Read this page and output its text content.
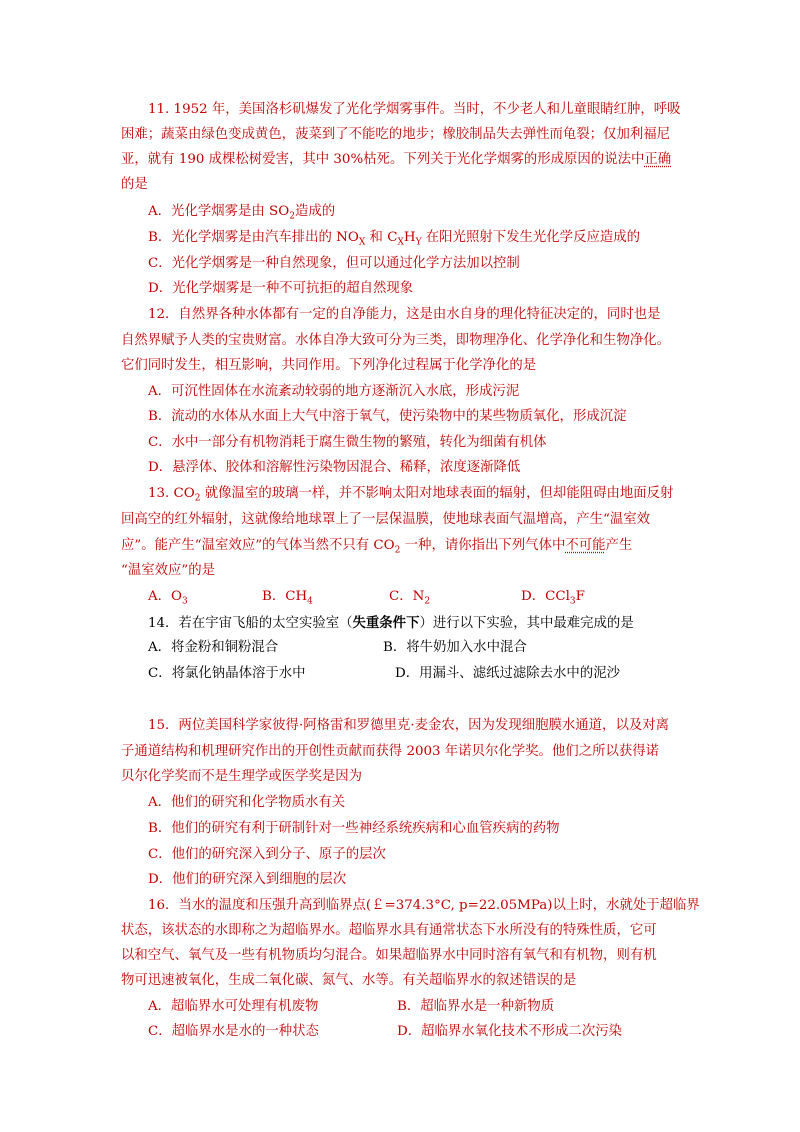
11. 1952 年，美国洛杉矶爆发了光化学烟雾事件。当时，不少老人和儿童眼睛红肿，呼吸
困难；蔬菜由绿色变成黄色，菠菜到了不能吃的地步；橡胶制品失去弹性而龟裂；仅加利福尼
亚，就有 190 成棵松树爱害，其中 30%枯死。下列关于光化学烟雾的形成原因的说法中正确
的是
A．光化学烟雾是由 $SO_2$造成的
B．光化学烟雾是由汽车排出的 $NO_X$ 和 $C_XH_Y$ 在阳光照射下发生光化学反应造成的
C．光化学烟雾是一种自然现象，但可以通过化学方法加以控制
D．光化学烟雾是一种不可抗拒的超自然现象
12．自然界各种水体都有一定的自净能力，这是由水自身的理化特征决定的，同时也是
自然界赋予人类的宝贵财富。水体自净大致可分为三类，即物理净化、化学净化和生物净化。
它们同时发生，相互影响，共同作用。下列净化过程属于化学净化的是
A．可沉性固体在水流紊动较弱的地方逐渐沉入水底，形成污泥
B．流动的水体从水面上大气中溶于氧气，使污染物中的某些物质氧化，形成沉淀
C．水中一部分有机物消耗于腐生微生物的繁殖，转化为细菌有机体
D．悬浮体、胶体和溶解性污染物因混合、稀释，浓度逐渐降低
13. $CO_2$ 就像温室的玻璃一样，并不影响太阳对地球表面的辐射，但却能阻碍由地面反射
回高空的红外辐射，这就像给地球罩上了一层保温膜，使地球表面气温增高，产生“温室效
应”。能产生“温室效应”的气体当然不只有 $CO_2$ 一种，请你指出下列气体中不可能产生
“温室效应”的是
A．$O_3$	B．$CH_4$	C．$N_2$	D．CCl$_3$F
14．若在宇宙飞船的太空实验室（失重条件下）进行以下实验，其中最难完成的是
A．将金粉和铜粉混合	B．将牛奶加入水中混合
C．将氯化钠晶体溶于水中	D．用漏斗、滤纸过滤除去水中的泥沙
15．两位美国科学家彼得·阿格雷和罗德里克·麦金农，因为发现细胞膜水通道，以及对离
子通道结构和机理研究作出的开创性贡献而获得 2003 年诺贝尔化学奖。他们之所以获得诺
贝尔化学奖而不是生理学或医学奖是因为
A．他们的研究和化学物质水有关
B．他们的研究有利于研制针对一些神经系统疾病和心血管疾病的药物
C．他们的研究深入到分子、原子的层次
D．他们的研究深入到细胞的层次
16．当水的温度和压强升高到临界点(￡=374.3°C, p=22.05MPa)以上时，水就处于超临界
状态，该状态的水即称之为超临界水。超临界水具有通常状态下水所没有的特殊性质，它可
以和空气、氧气及一些有机物质均匀混合。如果超临界水中同时溶有氧气和有机物，则有机
物可迅速被氧化，生成二氧化碳、氮气、水等。有关超临界水的叙述错误的是
A．超临界水可处理有机废物	B．超临界水是一种新物质
C．超临界水是水的一种状态	D．超临界水氧化技术不形成二次污染
